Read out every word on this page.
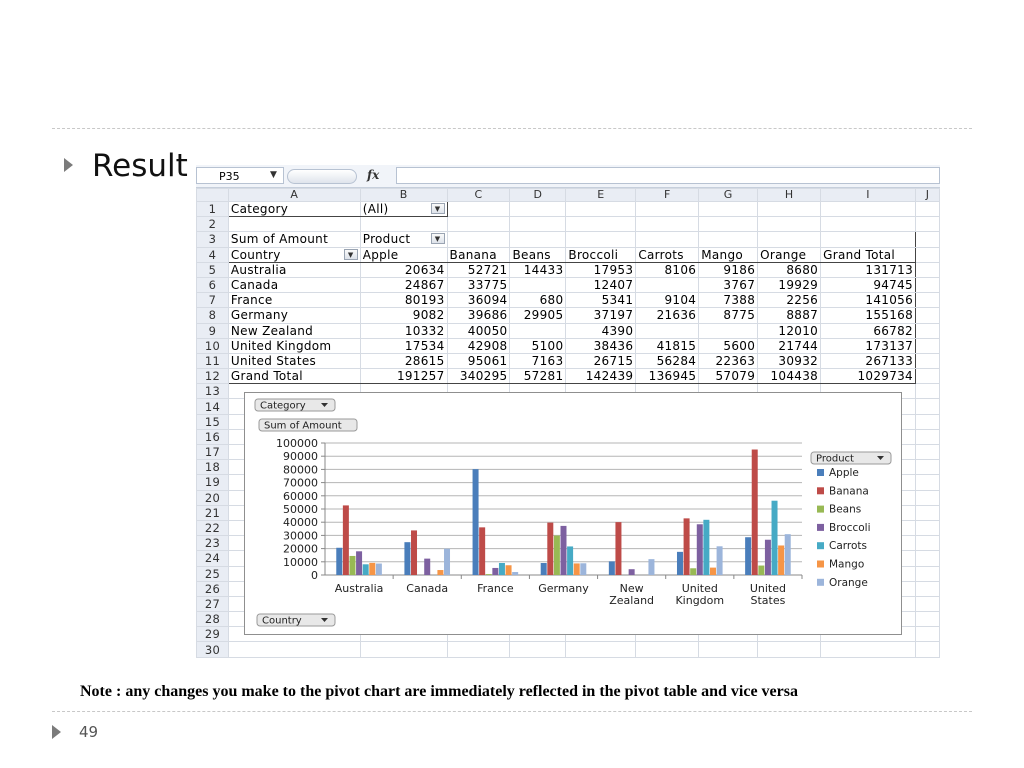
Result	P35	▼	fx
	A	B	C	D	E	F	G	H	I	J
1	Category	(All) ▼								

2										
3	Sum of Amount	Product ▼								

4	Country ▼	Apple	Banana	Beans	Broccoli	Carrots	Mango	Orange	Grand Total	
5	Australia	20634	52721	14433	17953	8106	9186	8680	131713	
6	Canada	24867	33775		12407		3767	19929	94745	
7	France	80193	36094	680	5341	9104	7388	2256	141056	
8	Germany	9082	39686	29905	37197	21636	8775	8887	155168	
9	New Zealand	10332	40050		4390			12010	66782	
10	United Kingdom	17534	42908	5100	38436	41815	5600	21744	173137	
11	United States	28615	95061	7163	26715	56284	22363	30932	267133	
12	Grand Total	191257	340295	57281	142439	136945	57079	104438	1029734	
13										
14										
15										
16										
17										
18										
19										
20										
21										
22										
23										
24										
25										
26										
27										
28										
29										
30										
Category
Sum of Amount
Country
0
10000
20000
30000
40000
50000
60000
70000
80000
90000
100000
Australia Canada	France Germany	New
Zealand
United
Kingdom
United
States
Product
Apple
Banana
Beans
Broccoli
Carrots
Mango
Orange
Note : any changes you make to the pivot chart are immediately reflected in the pivot table and vice versa
49
